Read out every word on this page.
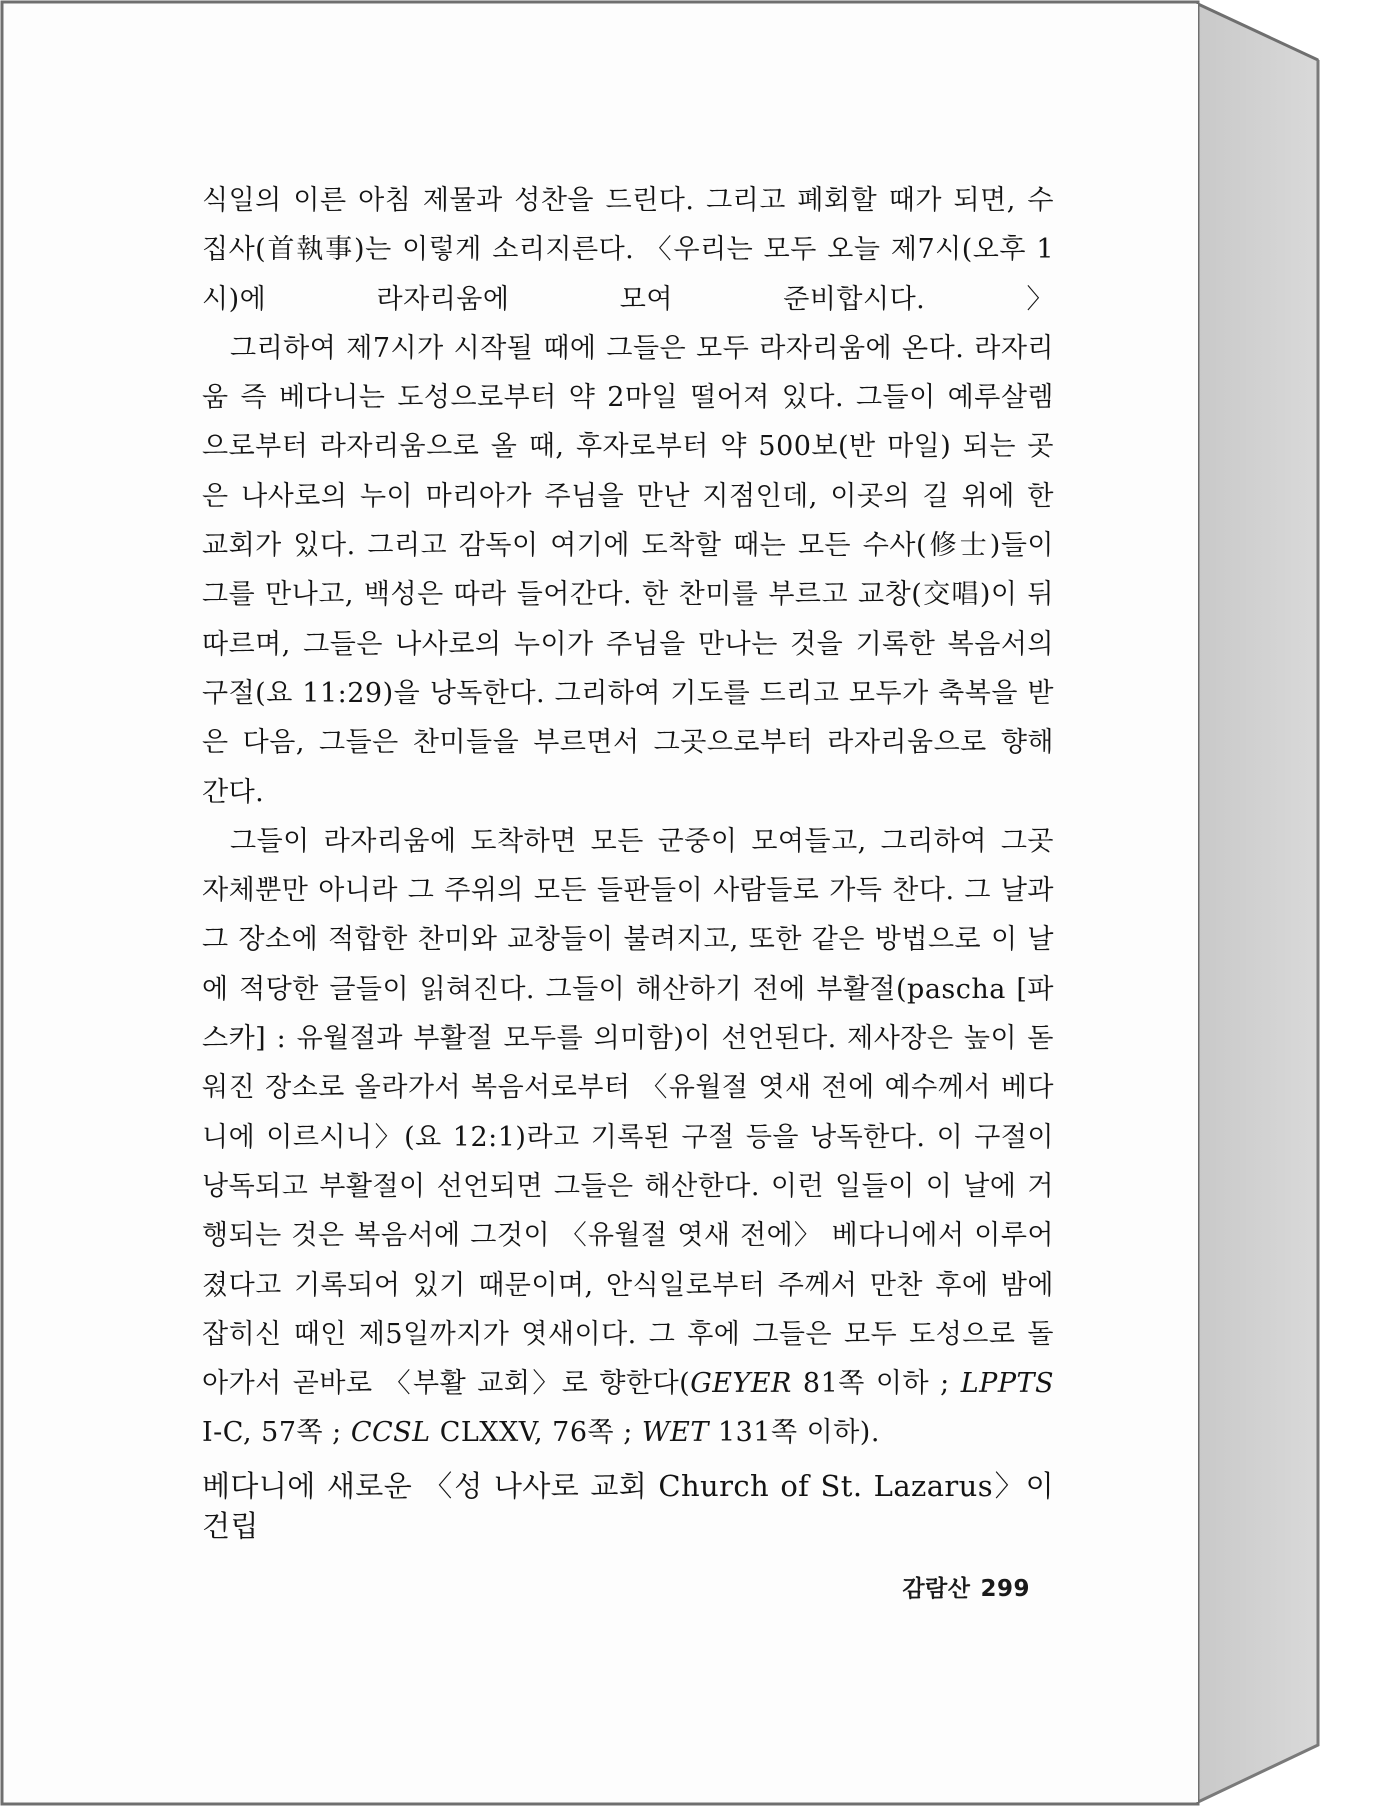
식일의 이른 아침 제물과 성찬을 드린다. 그리고 폐회할 때가 되면, 수집사(首執事)는 이렇게 소리지른다. 〈우리는 모두 오늘 제7시(오후 1시)에 라자리움에 모여 준비합시다.〉

그리하여 제7시가 시작될 때에 그들은 모두 라자리움에 온다. 라자리움 즉 베다니는 도성으로부터 약 2마일 떨어져 있다. 그들이 예루살렘으로부터 라자리움으로 올 때, 후자로부터 약 500보(반 마일) 되는 곳은 나사로의 누이 마리아가 주님을 만난 지점인데, 이곳의 길 위에 한 교회가 있다. 그리고 감독이 여기에 도착할 때는 모든 수사(修士)들이 그를 만나고, 백성은 따라 들어간다. 한 찬미를 부르고 교창(交唱)이 뒤따르며, 그들은 나사로의 누이가 주님을 만나는 것을 기록한 복음서의 구절(요 11:29)을 낭독한다. 그리하여 기도를 드리고 모두가 축복을 받은 다음, 그들은 찬미들을 부르면서 그곳으로부터 라자리움으로 향해 간다.

그들이 라자리움에 도착하면 모든 군중이 모여들고, 그리하여 그곳 자체뿐만 아니라 그 주위의 모든 들판들이 사람들로 가득 찬다. 그 날과 그 장소에 적합한 찬미와 교창들이 불려지고, 또한 같은 방법으로 이 날에 적당한 글들이 읽혀진다. 그들이 해산하기 전에 부활절(pascha [파스카] : 유월절과 부활절 모두를 의미함)이 선언된다. 제사장은 높이 돋워진 장소로 올라가서 복음서로부터 〈유월절 엿새 전에 예수께서 베다니에 이르시니〉(요 12:1)라고 기록된 구절 등을 낭독한다. 이 구절이 낭독되고 부활절이 선언되면 그들은 해산한다. 이런 일들이 이 날에 거행되는 것은 복음서에 그것이 〈유월절 엿새 전에〉 베다니에서 이루어졌다고 기록되어 있기 때문이며, 안식일로부터 주께서 만찬 후에 밤에 잡히신 때인 제5일까지가 엿새이다. 그 후에 그들은 모두 도성으로 돌아가서 곧바로 〈부활 교회〉로 향한다(GEYER 81쪽 이하 ; LPPTS I-C, 57쪽 ; CCSL CLXXV, 76쪽 ; WET 131쪽 이하).

베다니에 새로운 〈성 나사로 교회 Church of St. Lazarus〉이 건립

감람산 299
